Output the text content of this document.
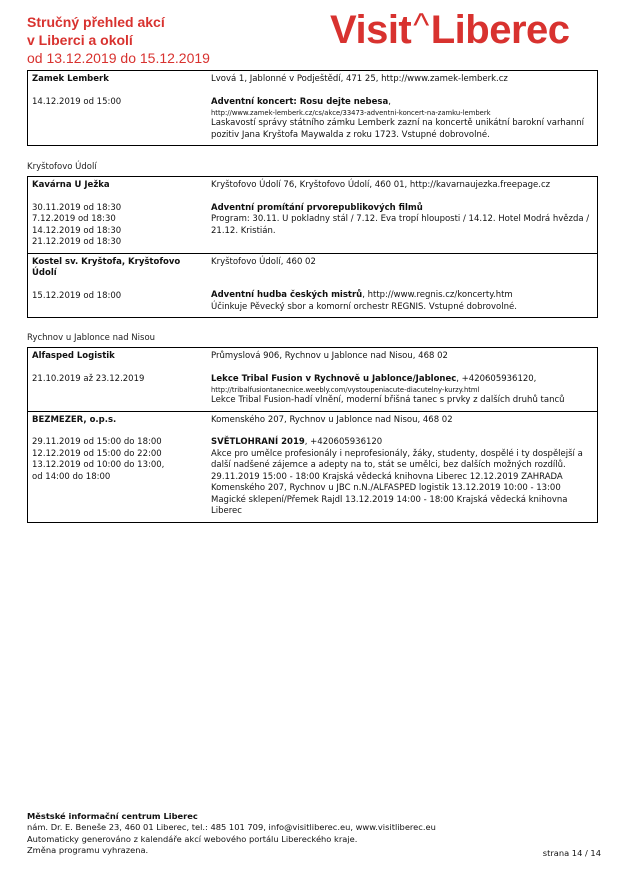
Stručný přehled akcí
v Liberci a okolí
od 13.12.2019 do 15.12.2019
Visit^Liberec
Zamek Lemberk
14.12.2019 od 15:00
Lvová 1, Jablonné v Podještědí, 471 25, http://www.zamek-lemberk.cz
Adventní koncert: Rosu dejte nebesa,
http://www.zamek-lemberk.cz/cs/akce/33473-adventni-koncert-na-zamku-lemberk
Laskavostí správy státního zámku Lemberk zazní na koncertě unikátní barokní varhanní pozitiv Jana Kryštofa Maywalda z roku 1723. Vstupné dobrovolné.
Kryštofovo Údolí
Kavárna U Ježka
30.11.2019 od 18:30
7.12.2019 od 18:30
14.12.2019 od 18:30
21.12.2019 od 18:30
Kryštofovo Údolí 76, Kryštofovo Údolí, 460 01, http://kavarnaujezka.freepage.cz
Adventní promítání prvorepublikových filmů
Program: 30.11. U pokladny stál / 7.12. Eva tropí hlouposti / 14.12. Hotel Modrá hvězda / 21.12. Kristián.
Kostel sv. Kryštofa, Kryštofovo Údolí
15.12.2019 od 18:00
Kryštofovo Údolí, 460 02
Adventní hudba českých mistrů, http://www.regnis.cz/koncerty.htm
Účinkuje Pěvecký sbor a komorní orchestr REGNIS. Vstupné dobrovolné.
Rychnov u Jablonce nad Nisou
Alfasped Logistik
21.10.2019 až 23.12.2019
Průmyslová 906, Rychnov u Jablonce nad Nisou, 468 02
Lekce Tribal Fusion v Rychnově u Jablonce/Jablonec, +420605936120,
http://tribalfusiontanecnice.weebly.com/vystoupeniacute-diacutelny-kurzy.html
Lekce Tribal Fusion-hadí vlnění, moderní břišná tanec s prvky z dalších druhů tanců
BEZMEZER, o.p.s.
29.11.2019 od 15:00 do 18:00
12.12.2019 od 15:00 do 22:00
13.12.2019 od 10:00 do 13:00,
od 14:00 do 18:00
Komenského 207, Rychnov u Jablonce nad Nisou, 468 02
SVĚTLOHRANÍ 2019, +420605936120
Akce pro umělce profesionály i neprofesionály, žáky, studenty, dospělé i ty dospělejší a další nadšené zájemce a adepty na to, stát se umělci, bez dalších možných rozdílů. 29.11.2019 15:00 - 18:00 Krajská vědecká knihovna Liberec 12.12.2019 ZAHRADA Komenského 207, Rychnov u JBC n.N./ALFASPED logistik 13.12.2019 10:00 - 13:00 Magické sklepení/Přemek Rajdl 13.12.2019 14:00 - 18:00 Krajská vědecká knihovna Liberec
Městské informační centrum Liberec
nám. Dr. E. Beneše 23, 460 01 Liberec, tel.: 485 101 709, info@visitliberec.eu, www.visitliberec.eu
Automaticky generováno z kalendáře akcí webového portálu Libereckého kraje.
Změna programu vyhrazena.	strana 14 / 14
